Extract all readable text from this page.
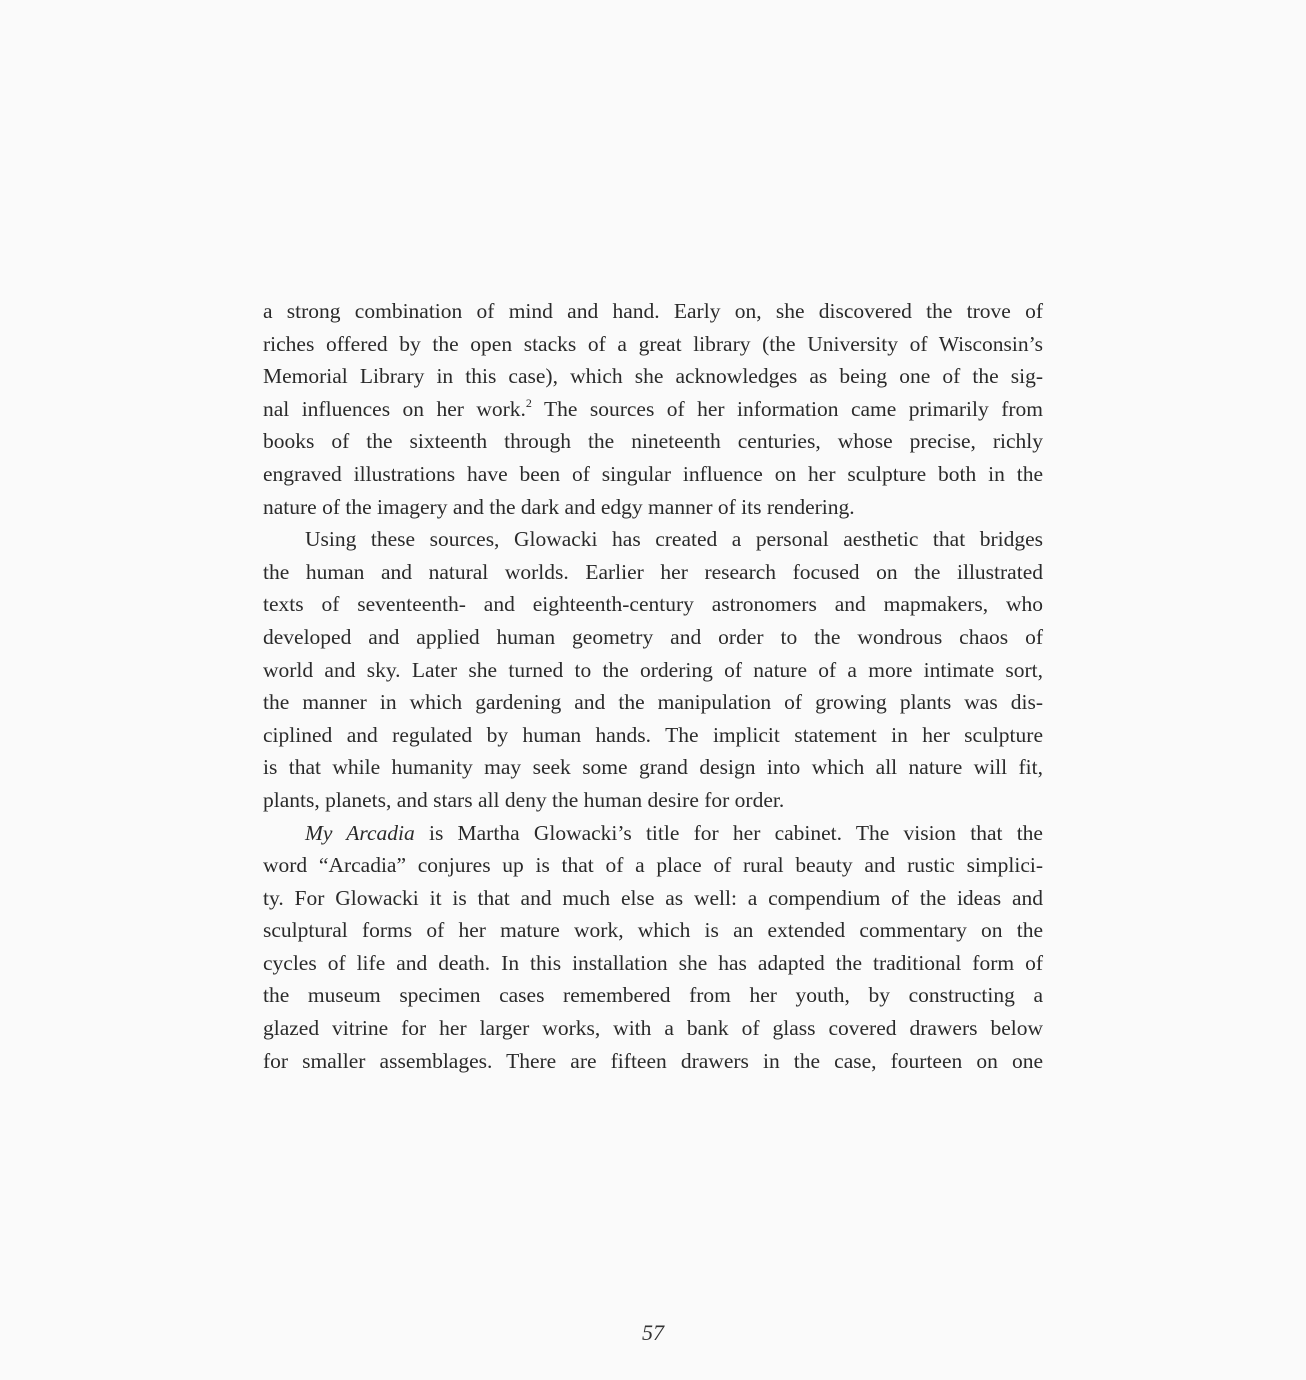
a strong combination of mind and hand. Early on, she discovered the trove of
riches offered by the open stacks of a great library (the University of Wisconsin’s
Memorial Library in this case), which she acknowledges as being one of the sig-
nal influences on her work.$^2$ The sources of her information came primarily from
books of the sixteenth through the nineteenth centuries, whose precise, richly
engraved illustrations have been of singular influence on her sculpture both in the
nature of the imagery and the dark and edgy manner of its rendering.
Using these sources, Glowacki has created a personal aesthetic that bridges
the human and natural worlds. Earlier her research focused on the illustrated
texts of seventeenth- and eighteenth-century astronomers and mapmakers, who
developed and applied human geometry and order to the wondrous chaos of
world and sky. Later she turned to the ordering of nature of a more intimate sort,
the manner in which gardening and the manipulation of growing plants was dis-
ciplined and regulated by human hands. The implicit statement in her sculpture
is that while humanity may seek some grand design into which all nature will fit,
plants, planets, and stars all deny the human desire for order.
My Arcadia is Martha Glowacki’s title for her cabinet. The vision that the
word “Arcadia” conjures up is that of a place of rural beauty and rustic simplici-
ty. For Glowacki it is that and much else as well: a compendium of the ideas and
sculptural forms of her mature work, which is an extended commentary on the
cycles of life and death. In this installation she has adapted the traditional form of
the museum specimen cases remembered from her youth, by constructing a
glazed vitrine for her larger works, with a bank of glass covered drawers below
for smaller assemblages. There are fifteen drawers in the case, fourteen on one
57
